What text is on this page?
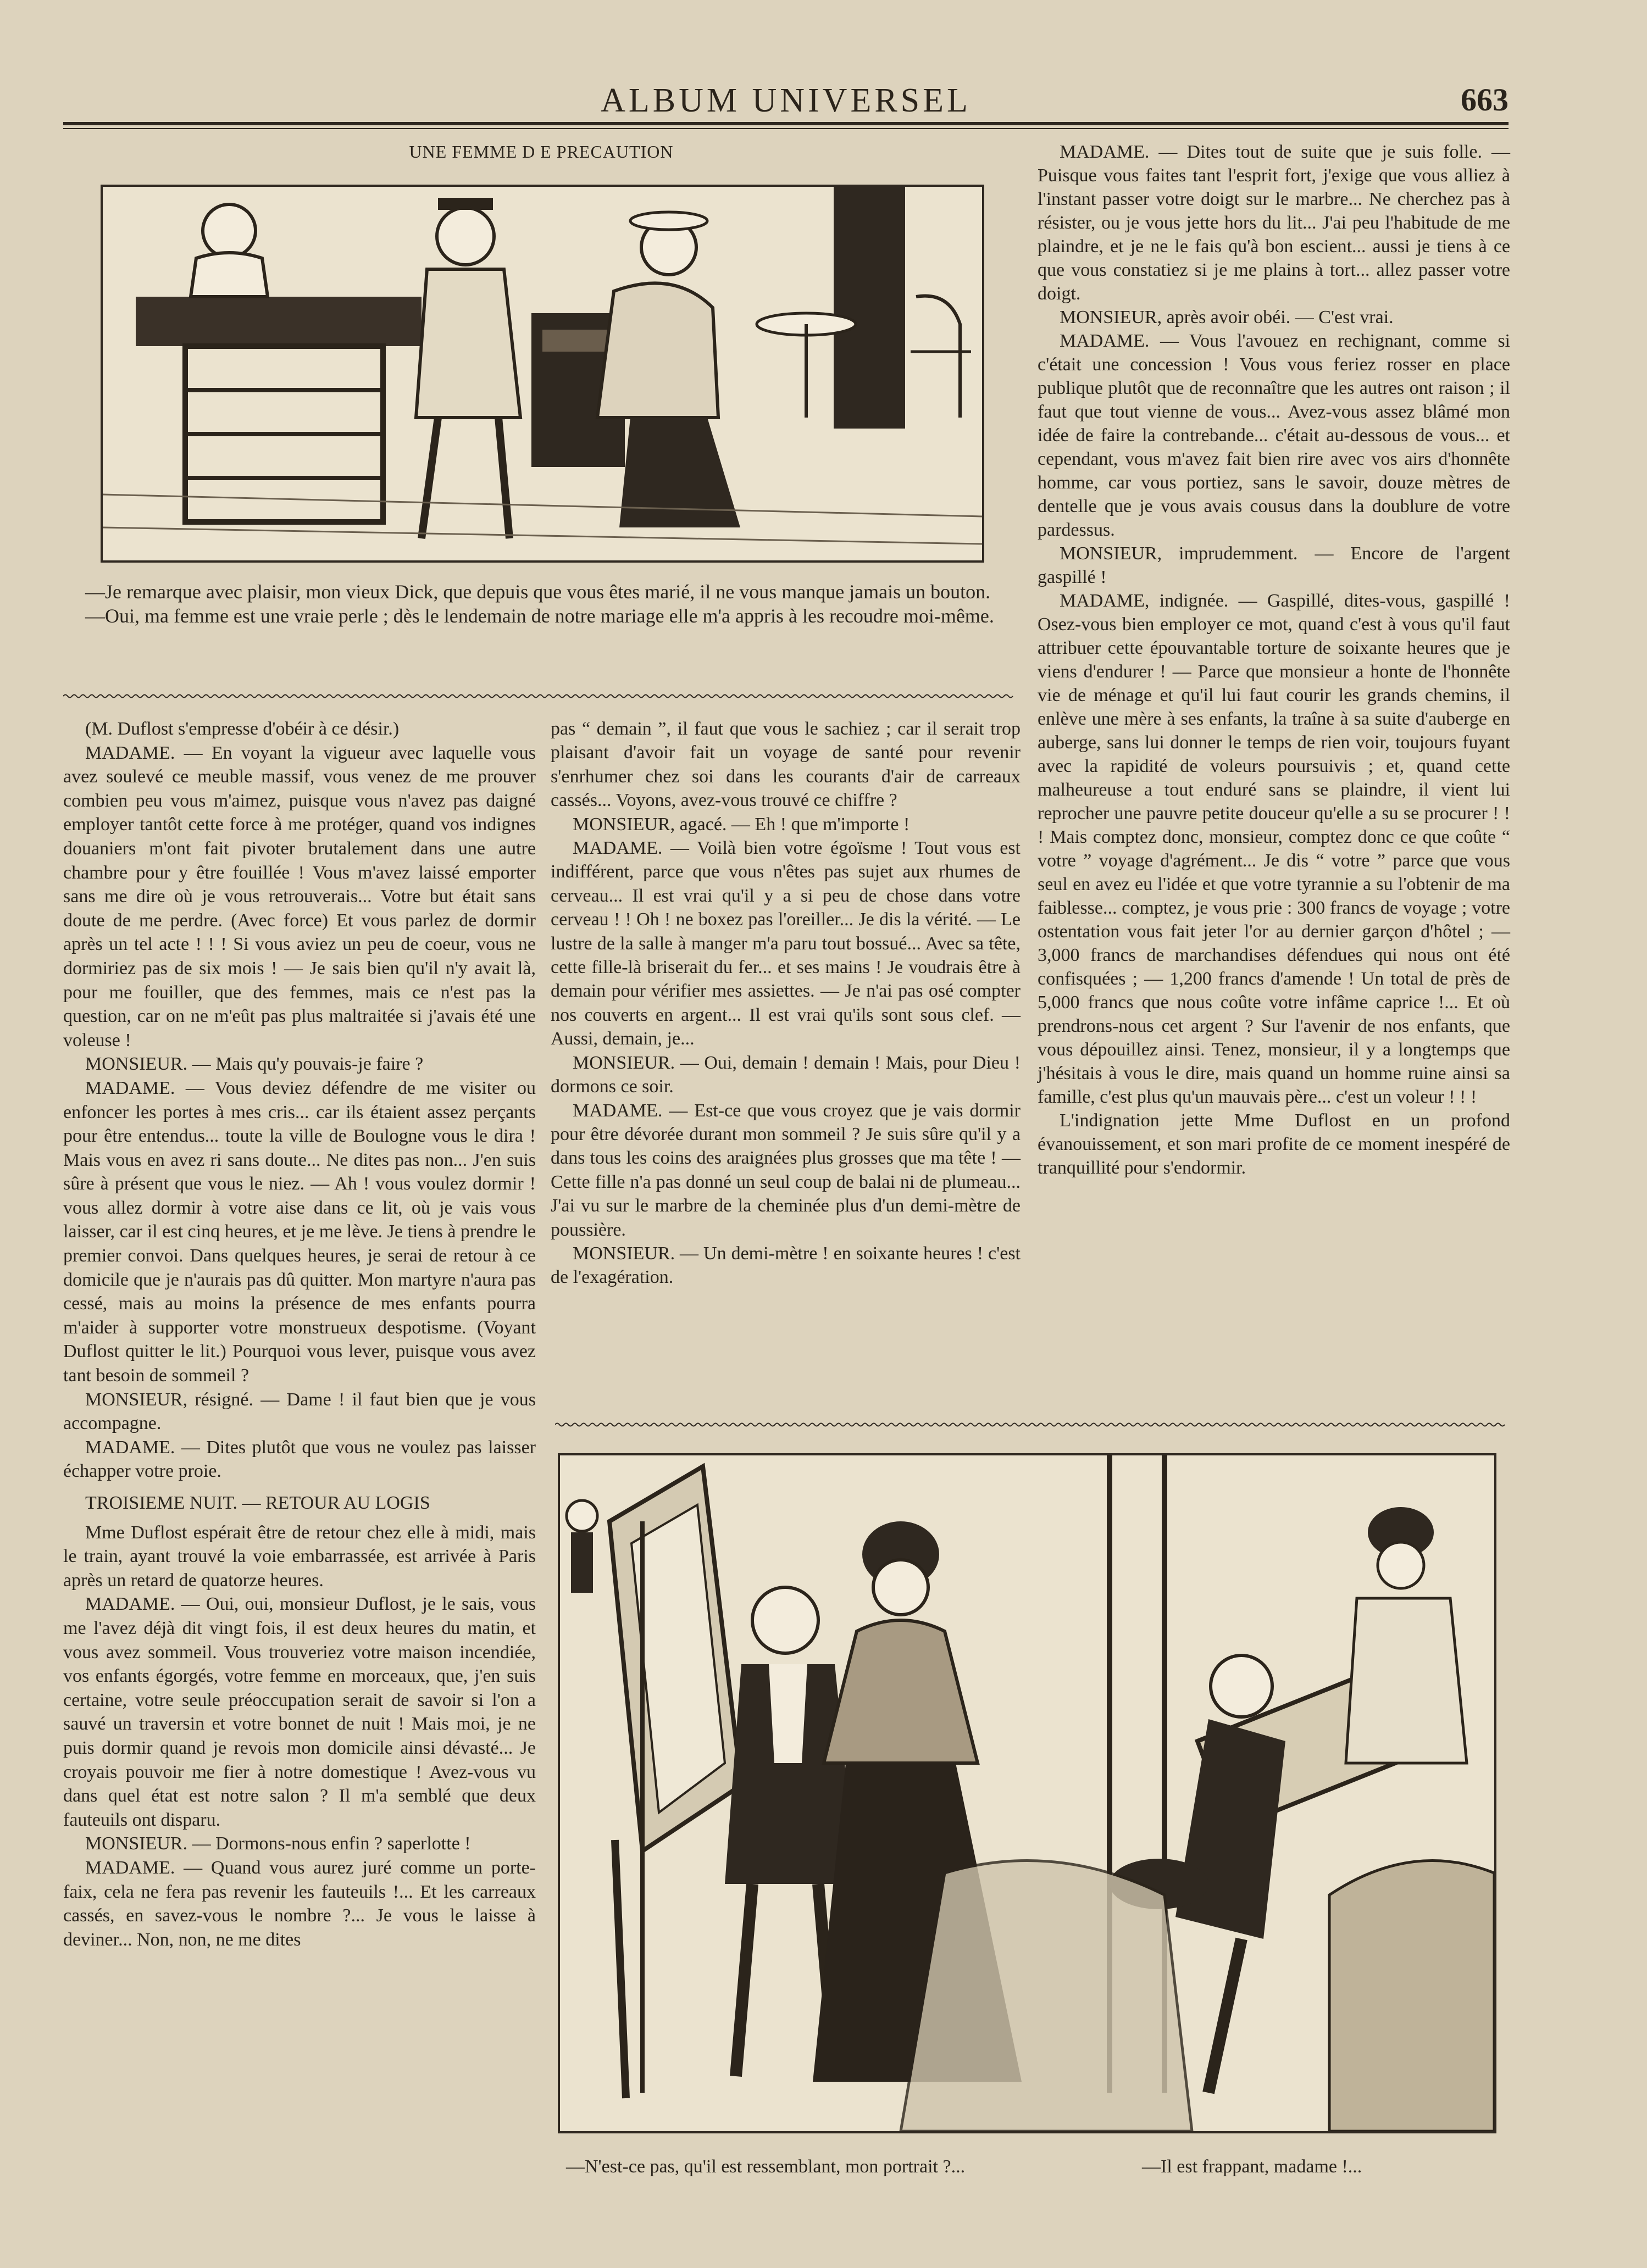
ALBUM UNIVERSEL	663
UNE FEMME D E PRECAUTION

—Je remarque avec plaisir, mon vieux Dick, que depuis que vous êtes marié, il ne vous manque jamais un bouton.

—Oui, ma femme est une vraie perle ; dès le lendemain de notre mariage elle m'a appris à les recoudre moi-même.

MADAME. — Dites tout de suite que je suis folle. — Puisque vous faites tant l'esprit fort, j'exige que vous alliez à l'instant passer votre doigt sur le marbre... Ne cherchez pas à résister, ou je vous jette hors du lit... J'ai peu l'habitude de me plaindre, et je ne le fais qu'à bon escient... aussi je tiens à ce que vous constatiez si je me plains à tort... allez passer votre doigt.

MONSIEUR, après avoir obéi. — C'est vrai.

MADAME. — Vous l'avouez en rechignant, comme si c'était une concession ! Vous vous feriez rosser en place publique plutôt que de reconnaître que les autres ont raison ; il faut que tout vienne de vous... Avez-vous assez blâmé mon idée de faire la contrebande... c'était au-dessous de vous... et cependant, vous m'avez fait bien rire avec vos airs d'honnête homme, car vous portiez, sans le savoir, douze mètres de dentelle que je vous avais cousus dans la doublure de votre pardessus.

MONSIEUR, imprudemment. — Encore de l'argent gaspillé !

MADAME, indignée. — Gaspillé, dites-vous, gaspillé ! Osez-vous bien employer ce mot, quand c'est à vous qu'il faut attribuer cette épouvantable torture de soixante heures que je viens d'endurer ! — Parce que monsieur a honte de l'honnête vie de ménage et qu'il lui faut courir les grands chemins, il enlève une mère à ses enfants, la traîne à sa suite d'auberge en auberge, sans lui donner le temps de rien voir, toujours fuyant avec la rapidité de voleurs poursuivis ; et, quand cette malheureuse a tout enduré sans se plaindre, il vient lui reprocher une pauvre petite douceur qu'elle a su se procurer ! ! ! Mais comptez donc, monsieur, comptez donc ce que coûte “ votre ” voyage d'agrément... Je dis “ votre ” parce que vous seul en avez eu l'idée et que votre tyrannie a su l'obtenir de ma faiblesse... comptez, je vous prie : 300 francs de voyage ; votre ostentation vous fait jeter l'or au dernier garçon d'hôtel ; — 3,000 francs de marchandises défendues qui nous ont été confisquées ; — 1,200 francs d'amende ! Un total de près de 5,000 francs que nous coûte votre infâme caprice !... Et où prendrons-nous cet argent ? Sur l'avenir de nos enfants, que vous dépouillez ainsi. Tenez, monsieur, il y a longtemps que j'hésitais à vous le dire, mais quand un homme ruine ainsi sa famille, c'est plus qu'un mauvais père... c'est un voleur ! ! !

L'indignation jette Mme Duflost en un profond évanouissement, et son mari profite de ce moment inespéré de tranquillité pour s'endormir.

(M. Duflost s'empresse d'obéir à ce désir.)

MADAME. — En voyant la vigueur avec laquelle vous avez soulevé ce meuble massif, vous venez de me prouver combien peu vous m'aimez, puisque vous n'avez pas daigné employer tantôt cette force à me protéger, quand vos indignes douaniers m'ont fait pivoter brutalement dans une autre chambre pour y être fouillée ! Vous m'avez laissé emporter sans me dire où je vous retrouverais... Votre but était sans doute de me perdre. (Avec force) Et vous parlez de dormir après un tel acte ! ! ! Si vous aviez un peu de coeur, vous ne dormiriez pas de six mois ! — Je sais bien qu'il n'y avait là, pour me fouiller, que des femmes, mais ce n'est pas la question, car on ne m'eût pas plus maltraitée si j'avais été une voleuse !

MONSIEUR. — Mais qu'y pouvais-je faire ?

MADAME. — Vous deviez défendre de me visiter ou enfoncer les portes à mes cris... car ils étaient assez perçants pour être entendus... toute la ville de Boulogne vous le dira ! Mais vous en avez ri sans doute... Ne dites pas non... J'en suis sûre à présent que vous le niez. — Ah ! vous voulez dormir ! vous allez dormir à votre aise dans ce lit, où je vais vous laisser, car il est cinq heures, et je me lève. Je tiens à prendre le premier convoi. Dans quelques heures, je serai de retour à ce domicile que je n'aurais pas dû quitter. Mon martyre n'aura pas cessé, mais au moins la présence de mes enfants pourra m'aider à supporter votre monstrueux despotisme. (Voyant Duflost quitter le lit.) Pourquoi vous lever, puisque vous avez tant besoin de sommeil ?

MONSIEUR, résigné. — Dame ! il faut bien que je vous accompagne.

MADAME. — Dites plutôt que vous ne voulez pas laisser échapper votre proie.

TROISIEME NUIT. — RETOUR AU LOGIS

Mme Duflost espérait être de retour chez elle à midi, mais le train, ayant trouvé la voie embarrassée, est arrivée à Paris après un retard de quatorze heures.

MADAME. — Oui, oui, monsieur Duflost, je le sais, vous me l'avez déjà dit vingt fois, il est deux heures du matin, et vous avez sommeil. Vous trouveriez votre maison incendiée, vos enfants égorgés, votre femme en morceaux, que, j'en suis certaine, votre seule préoccupation serait de savoir si l'on a sauvé un traversin et votre bonnet de nuit ! Mais moi, je ne puis dormir quand je revois mon domicile ainsi dévasté... Je croyais pouvoir me fier à notre domestique ! Avez-vous vu dans quel état est notre salon ? Il m'a semblé que deux fauteuils ont disparu.

MONSIEUR. — Dormons-nous enfin ? saperlotte !

MADAME. — Quand vous aurez juré comme un porte-faix, cela ne fera pas revenir les fauteuils !... Et les carreaux cassés, en savez-vous le nombre ?... Je vous le laisse à deviner... Non, non, ne me dites

pas “ demain ”, il faut que vous le sachiez ; car il serait trop plaisant d'avoir fait un voyage de santé pour revenir s'enrhumer chez soi dans les courants d'air de carreaux cassés... Voyons, avez-vous trouvé ce chiffre ?

MONSIEUR, agacé. — Eh ! que m'importe !

MADAME. — Voilà bien votre égoïsme ! Tout vous est indifférent, parce que vous n'êtes pas sujet aux rhumes de cerveau... Il est vrai qu'il y a si peu de chose dans votre cerveau ! ! Oh ! ne boxez pas l'oreiller... Je dis la vérité. — Le lustre de la salle à manger m'a paru tout bossué... Avec sa tête, cette fille-là briserait du fer... et ses mains ! Je voudrais être à demain pour vérifier mes assiettes. — Je n'ai pas osé compter nos couverts en argent... Il est vrai qu'ils sont sous clef. — Aussi, demain, je...

MONSIEUR. — Oui, demain ! demain ! Mais, pour Dieu ! dormons ce soir.

MADAME. — Est-ce que vous croyez que je vais dormir pour être dévorée durant mon sommeil ? Je suis sûre qu'il y a dans tous les coins des araignées plus grosses que ma tête ! — Cette fille n'a pas donné un seul coup de balai ni de plumeau... J'ai vu sur le marbre de la cheminée plus d'un demi-mètre de poussière.

MONSIEUR. — Un demi-mètre ! en soixante heures ! c'est de l'exagération.

—N'est-ce pas, qu'il est ressemblant, mon portrait ?...	—Il est frappant, madame !...
